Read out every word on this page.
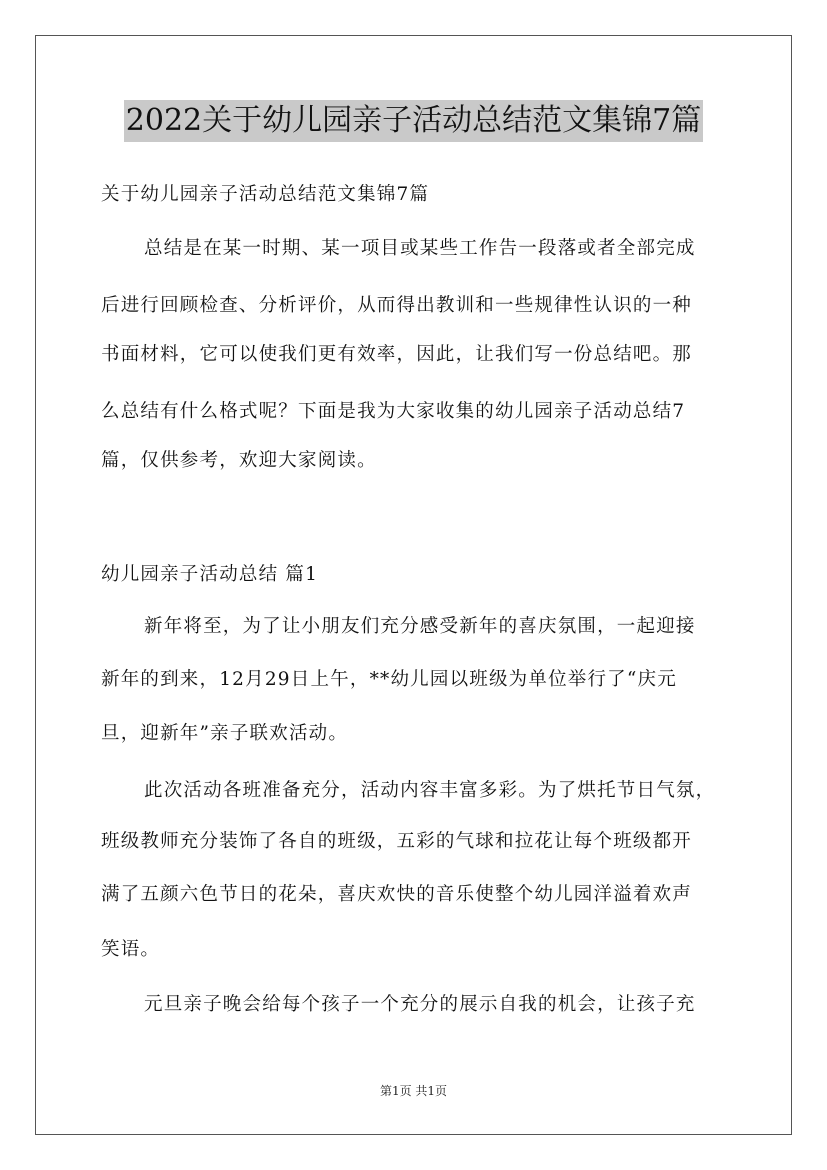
2022关于幼儿园亲子活动总结范文集锦7篇
关于幼儿园亲子活动总结范文集锦7篇
总结是在某一时期、某一项目或某些工作告一段落或者全部完成
后进行回顾检查、分析评价，从而得出教训和一些规律性认识的一种
书面材料，它可以使我们更有效率，因此，让我们写一份总结吧。那
么总结有什么格式呢？下面是我为大家收集的幼儿园亲子活动总结7
篇，仅供参考，欢迎大家阅读。
幼儿园亲子活动总结 篇1
新年将至，为了让小朋友们充分感受新年的喜庆氛围，一起迎接
新年的到来，12月29日上午，**幼儿园以班级为单位举行了“庆元
旦，迎新年”亲子联欢活动。
此次活动各班准备充分，活动内容丰富多彩。为了烘托节日气氛，
班级教师充分装饰了各自的班级，五彩的气球和拉花让每个班级都开
满了五颜六色节日的花朵，喜庆欢快的音乐使整个幼儿园洋溢着欢声
笑语。
元旦亲子晚会给每个孩子一个充分的展示自我的机会，让孩子充
第1页 共1页
